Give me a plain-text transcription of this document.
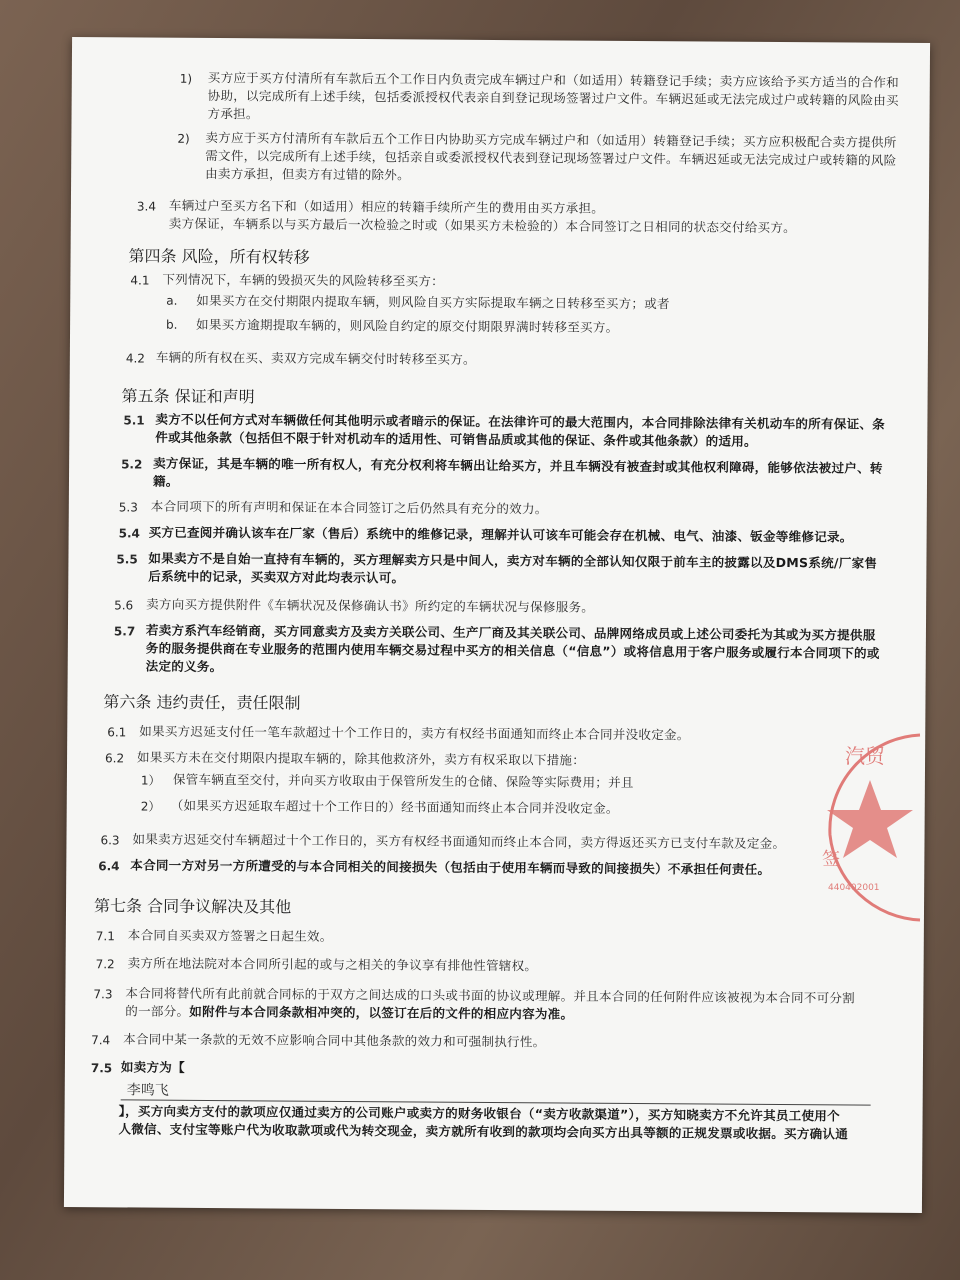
1) 买方应于买方付清所有车款后五个工作日内负责完成车辆过户和（如适用）转籍登记手续；卖方应该给予买方适当的合作和
协助，以完成所有上述手续，包括委派授权代表亲自到登记现场签署过户文件。车辆迟延或无法完成过户或转籍的风险由买
方承担。
2) 卖方应于买方付清所有车款后五个工作日内协助买方完成车辆过户和（如适用）转籍登记手续；买方应积极配合卖方提供所
需文件，以完成所有上述手续，包括亲自或委派授权代表到登记现场签署过户文件。车辆迟延或无法完成过户或转籍的风险
由卖方承担，但卖方有过错的除外。
3.4 车辆过户至买方名下和（如适用）相应的转籍手续所产生的费用由买方承担。
卖方保证，车辆系以与买方最后一次检验之时或（如果买方未检验的）本合同签订之日相同的状态交付给买方。
第四条 风险，所有权转移
4.1 下列情况下，车辆的毁损灭失的风险转移至买方：
a. 如果买方在交付期限内提取车辆，则风险自买方实际提取车辆之日转移至买方；或者
b. 如果买方逾期提取车辆的，则风险自约定的原交付期限界满时转移至买方。
4.2 车辆的所有权在买、卖双方完成车辆交付时转移至买方。
第五条 保证和声明
5.1 卖方不以任何方式对车辆做任何其他明示或者暗示的保证。在法律许可的最大范围内，本合同排除法律有关机动车的所有保证、条
件或其他条款（包括但不限于针对机动车的适用性、可销售品质或其他的保证、条件或其他条款）的适用。
5.2 卖方保证，其是车辆的唯一所有权人，有充分权利将车辆出让给买方，并且车辆没有被查封或其他权利障碍，能够依法被过户、转
籍。
5.3 本合同项下的所有声明和保证在本合同签订之后仍然具有充分的效力。
5.4 买方已查阅并确认该车在厂家（售后）系统中的维修记录，理解并认可该车可能会存在机械、电气、油漆、钣金等维修记录。
5.5 如果卖方不是自始一直持有车辆的，买方理解卖方只是中间人，卖方对车辆的全部认知仅限于前车主的披露以及DMS系统/厂家售
后系统中的记录，买卖双方对此均表示认可。
5.6 卖方向买方提供附件《车辆状况及保修确认书》所约定的车辆状况与保修服务。
5.7 若卖方系汽车经销商，买方同意卖方及卖方关联公司、生产厂商及其关联公司、品牌网络成员或上述公司委托为其或为买方提供服
务的服务提供商在专业服务的范围内使用车辆交易过程中买方的相关信息（“信息”）或将信息用于客户服务或履行本合同项下的或
法定的义务。
第六条 违约责任，责任限制
6.1 如果买方迟延支付任一笔车款超过十个工作日的，卖方有权经书面通知而终止本合同并没收定金。
6.2 如果买方未在交付期限内提取车辆的，除其他救济外，卖方有权采取以下措施：
1） 保管车辆直至交付，并向买方收取由于保管所发生的仓储、保险等实际费用；并且
2） （如果买方迟延取车超过十个工作日的）经书面通知而终止本合同并没收定金。
6.3 如果卖方迟延交付车辆超过十个工作日的，买方有权经书面通知而终止本合同，卖方得返还买方已支付车款及定金。
6.4 本合同一方对另一方所遭受的与本合同相关的间接损失（包括由于使用车辆而导致的间接损失）不承担任何责任。
第七条 合同争议解决及其他
7.1 本合同自买卖双方签署之日起生效。
7.2 卖方所在地法院对本合同所引起的或与之相关的争议享有排他性管辖权。
7.3 本合同将替代所有此前就合同标的于双方之间达成的口头或书面的协议或理解。并且本合同的任何附件应该被视为本合同不可分割
的一部分。如附件与本合同条款相冲突的，以签订在后的文件的相应内容为准。
7.4 本合同中某一条款的无效不应影响合同中其他条款的效力和可强制执行性。
7.5 如卖方为【
李鸣飞
】，买方向卖方支付的款项应仅通过卖方的公司账户或卖方的财务收银台（“卖方收款渠道”），买方知晓卖方不允许其员工使用个
人微信、支付宝等账户代为收取款项或代为转交现金，卖方就所有收到的款项均会向买方出具等额的正规发票或收据。买方确认通
汽贸
签
440402001
